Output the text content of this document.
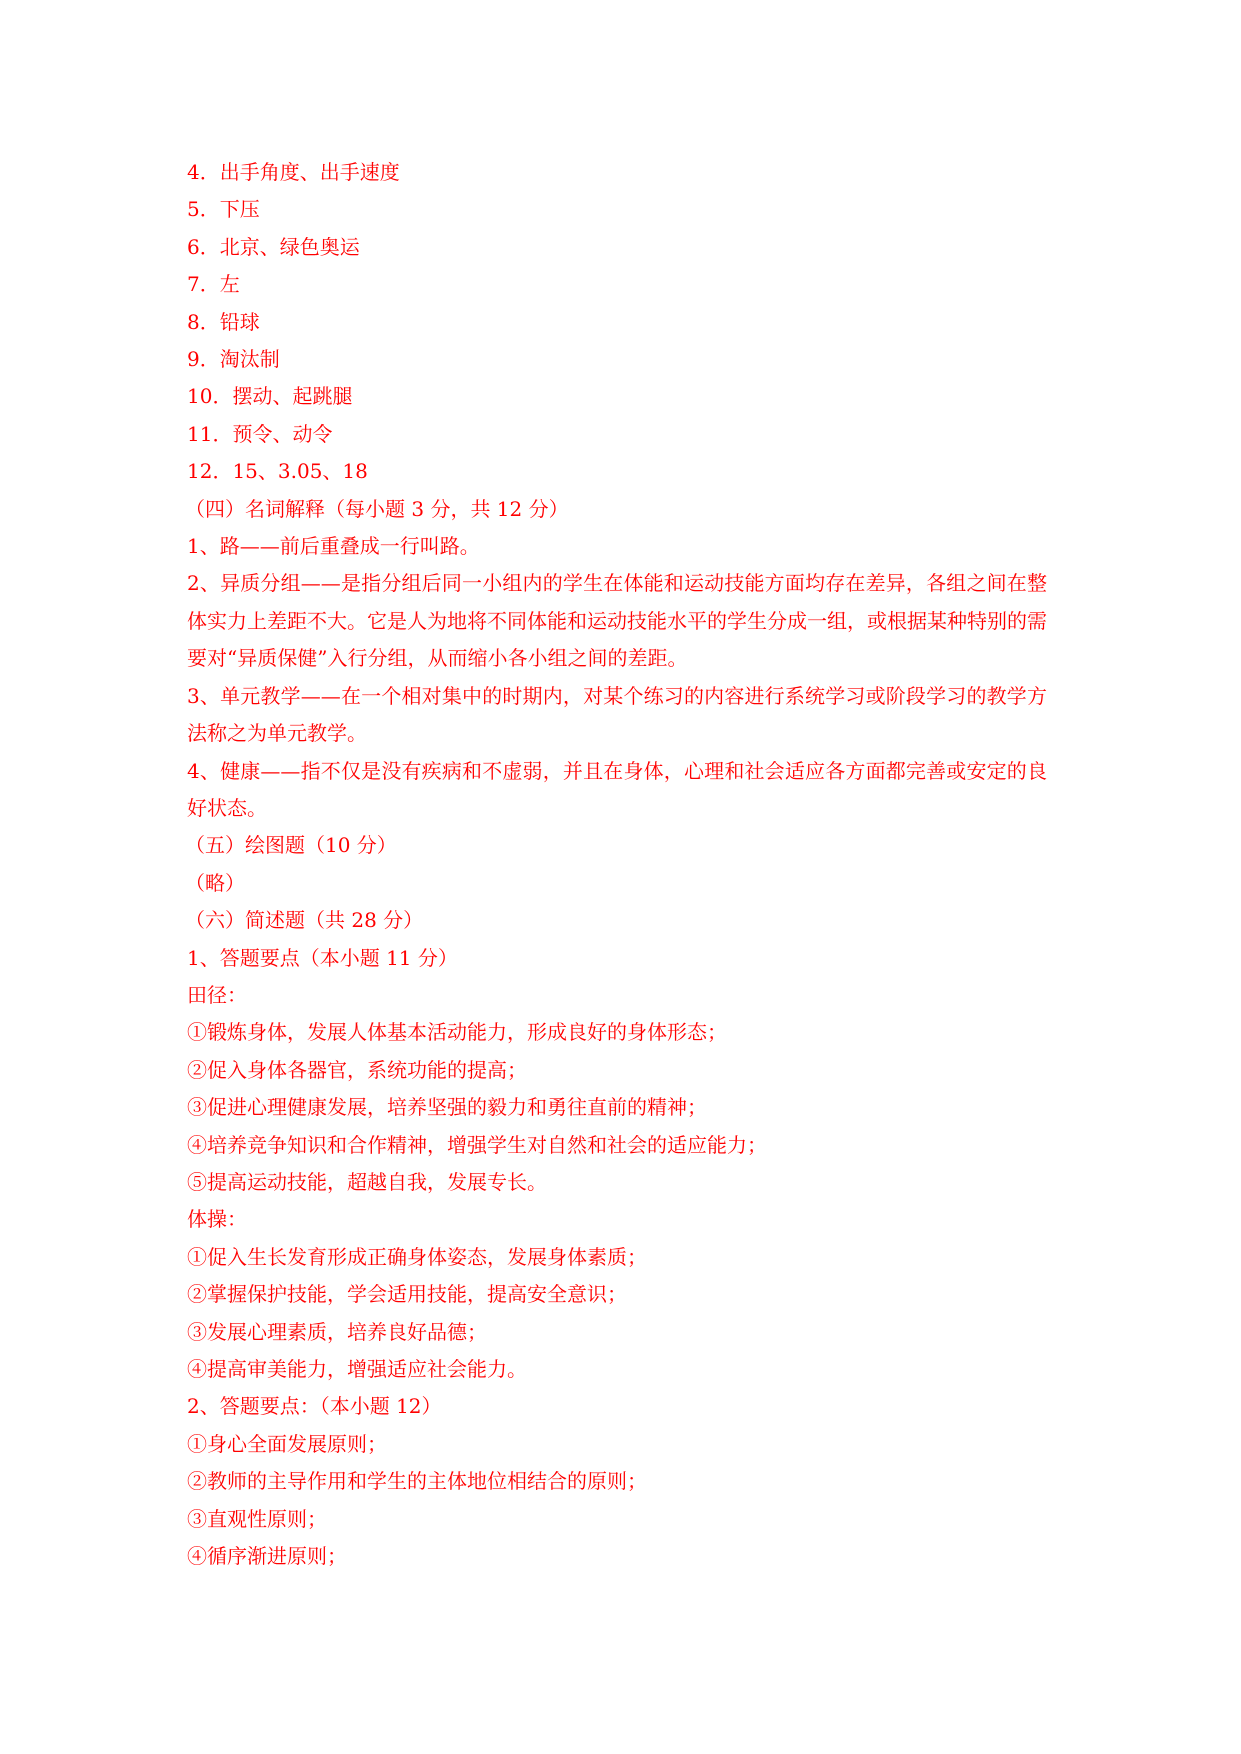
4．出手角度、出手速度

5．下压

6．北京、绿色奥运

7．左

8．铅球

9．淘汰制

10．摆动、起跳腿

11．预令、动令

12．15、3.05、18

（四）名词解释（每小题 3 分，共 12 分）

1、路——前后重叠成一行叫路。

2、异质分组——是指分组后同一小组内的学生在体能和运动技能方面均存在差异，各组之间在整体实力上差距不大。它是人为地将不同体能和运动技能水平的学生分成一组，或根据某种特别的需要对“异质保健”入行分组，从而缩小各小组之间的差距。

3、单元教学——在一个相对集中的时期内，对某个练习的内容进行系统学习或阶段学习的教学方法称之为单元教学。

4、健康——指不仅是没有疾病和不虚弱，并且在身体，心理和社会适应各方面都完善或安定的良好状态。

（五）绘图题（10 分）

（略）

（六）简述题（共 28 分）

1、答题要点（本小题 11 分）

田径：

①锻炼身体，发展人体基本活动能力，形成良好的身体形态；

②促入身体各器官，系统功能的提高；

③促进心理健康发展，培养坚强的毅力和勇往直前的精神；

④培养竞争知识和合作精神，增强学生对自然和社会的适应能力；

⑤提高运动技能，超越自我，发展专长。

体操：

①促入生长发育形成正确身体姿态，发展身体素质；

②掌握保护技能，学会适用技能，提高安全意识；

③发展心理素质，培养良好品德；

④提高审美能力，增强适应社会能力。

2、答题要点：（本小题 12）

①身心全面发展原则；

②教师的主导作用和学生的主体地位相结合的原则；

③直观性原则；

④循序渐进原则；
